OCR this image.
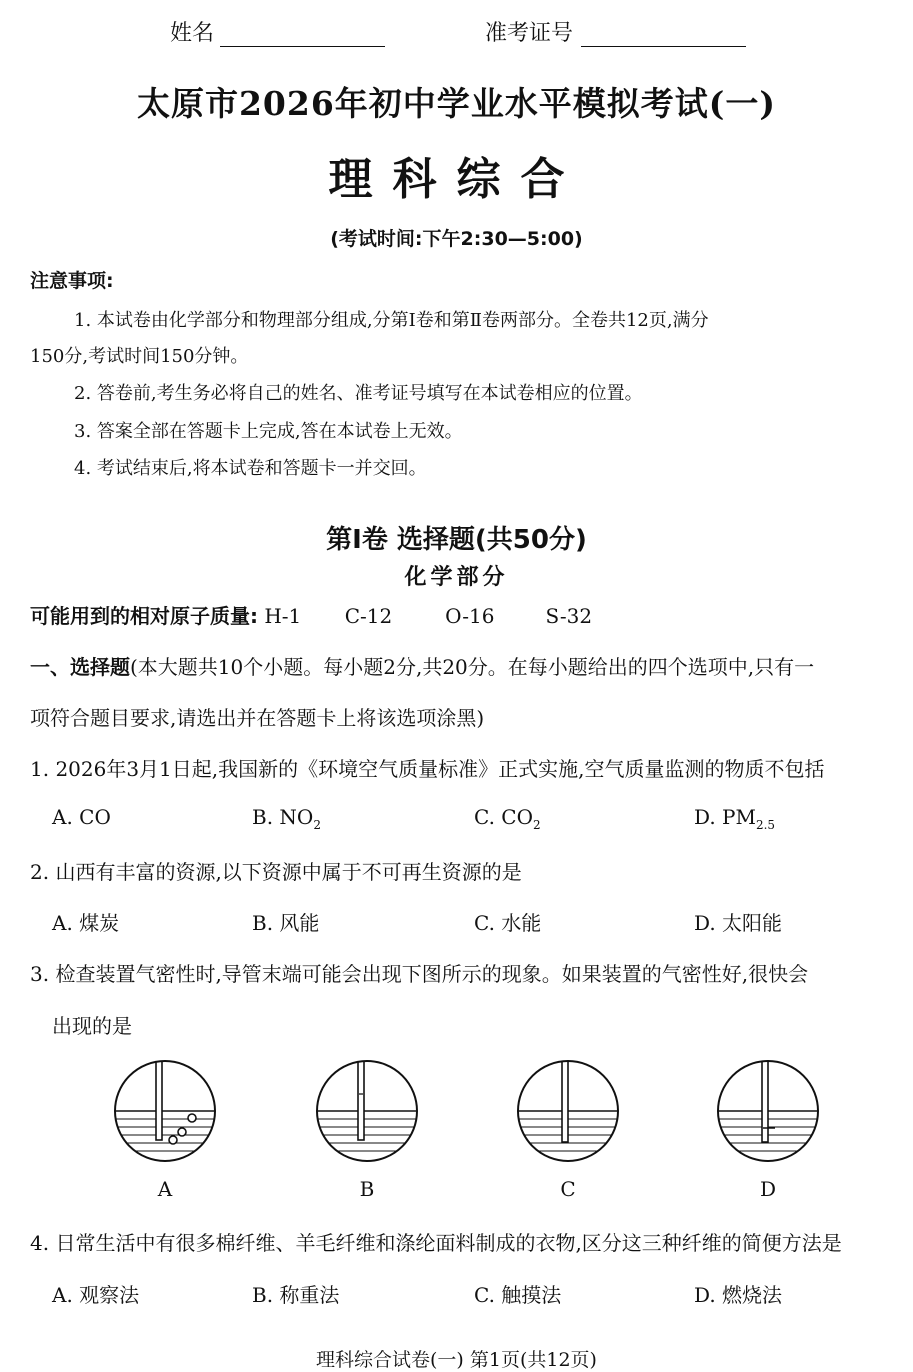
姓名	准考证号
太原市2026年初中学业水平模拟考试(一)
理科综合
(考试时间:下午2:30—5:00)
注意事项:
1. 本试卷由化学部分和物理部分组成,分第Ⅰ卷和第Ⅱ卷两部分。全卷共12页,满分
150分,考试时间150分钟。
2. 答卷前,考生务必将自己的姓名、准考证号填写在本试卷相应的位置。
3. 答案全部在答题卡上完成,答在本试卷上无效。
4. 考试结束后,将本试卷和答题卡一并交回。
第Ⅰ卷 选择题(共50分)
化学部分
可能用到的相对原子质量: H-1 C-12	O-16	S-32
一、选择题(本大题共10个小题。每小题2分,共20分。在每小题给出的四个选项中,只有一
项符合题目要求,请选出并在答题卡上将该选项涂黑)
1. 2026年3月1日起,我国新的《环境空气质量标准》正式实施,空气质量监测的物质不包括
A. CO	B. $NO_2$	C. $CO_2$	D. $PM_{2.5}$
2. 山西有丰富的资源,以下资源中属于不可再生资源的是
A. 煤炭	B. 风能	C. 水能	D. 太阳能
3. 检查装置气密性时,导管末端可能会出现下图所示的现象。如果装置的气密性好,很快会
出现的是
A	B	C	D
4. 日常生活中有很多棉纤维、羊毛纤维和涤纶面料制成的衣物,区分这三种纤维的简便方法是
A. 观察法	B. 称重法	C. 触摸法	D. 燃烧法
理科综合试卷(一) 第1页(共12页)
